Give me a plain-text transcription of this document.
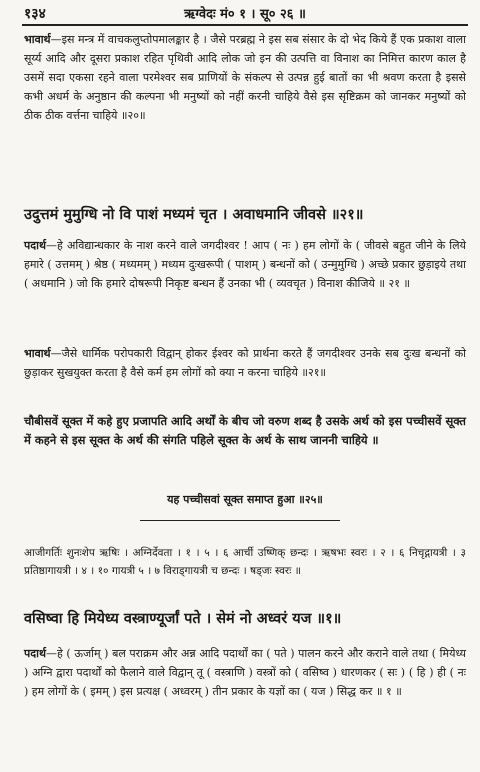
१३४	ऋग्वेदः मं० १ । सू० २६ ॥

भावार्थ—इस मन्त्र में वाचकलुप्तोपमालङ्कार है । जैसे परब्रह्म ने इस सब संसार के दो भेद किये हैं एक प्रकाश वाला सूर्य्य आदि और दूसरा प्रकाश रहित पृथिवी आदि लोक जो इन की उत्पत्ति वा विनाश का निमित्त कारण काल है उसमें सदा एकसा रहने वाला परमेश्वर सब प्राणियों के संकल्प से उत्पन्न हुई बातों का भी श्रवण करता है इससे कभी अधर्म के अनुष्ठान की कल्पना भी मनुष्यों को नहीं करनी चाहिये वैसे इस सृष्टिक्रम को जानकर मनुष्यों को ठीक ठीक वर्त्तना चाहिये ॥२०॥

उदुत्तमं मुमुग्धि नो वि पाशं मध्यमं चृत । अवाधमानि जीवसे ॥२१॥

पदार्थ—हे अविद्यान्धकार के नाश करने वाले जगदीश्वर ! आप ( नः ) हम लोगों के ( जीवसे बहुत जीने के लिये हमारे ( उत्तमम् ) श्रेष्ठ ( मध्यमम् ) मध्यम दुःखरूपी ( पाशम् ) बन्धनों को ( उन्मुमुग्धि ) अच्छे प्रकार छुड़ाइये तथा ( अधमानि ) जो कि हमारे दोषरूपी निकृष्ट बन्धन हैं उनका भी ( व्यवचृत ) विनाश कीजिये ॥ २१ ॥

भावार्थ—जैसे धार्मिक परोपकारी विद्वान् होकर ईश्वर को प्रार्थना करते हैं जगदीश्वर उनके सब दुःख बन्धनों को छुड़ाकर सुखयुक्त करता है वैसे कर्म हम लोगों को क्या न करना चाहिये ॥२१॥

चौबीसवें सूक्त में कहे हुए प्रजापति आदि अर्थों के बीच जो वरुण शब्द है उसके अर्थ को इस पच्चीसवें सूक्त में कहने से इस सूक्त के अर्थ की संगति पहिले सूक्त के अर्थ के साथ जाननी चाहिये ॥

यह पच्चीसवां सूक्त समाप्त हुआ ॥२५॥

आजीगर्तिः शुनःशेप ऋषिः । अग्निर्देवता । १ । ५ । ६ आर्ची उष्णिक् छन्दः । ऋषभः स्वरः । २ । ६ निचृद्गायत्री । ३ प्रतिष्ठागायत्री । ४ । १० गायत्री ५ । ७ विराड्गायत्री च छन्दः । षड्जः स्वरः ॥

वसिष्वा हि मियेध्य वस्त्राण्यूर्जां पते । सेमं नो अध्वरं यज ॥१॥

पदार्थ—हे ( ऊर्जाम् ) बल पराक्रम और अन्न आदि पदार्थों का ( पते ) पालन करने और कराने वाले तथा ( मियेध्य ) अग्नि द्वारा पदार्थों को फैलाने वाले विद्वान् तू ( वस्त्राणि ) वस्त्रों को ( वसिष्व ) धारणकर ( सः ) ( हि ) ही ( नः ) हम लोगों के ( इमम् ) इस प्रत्यक्ष ( अध्वरम् ) तीन प्रकार के यज्ञों का ( यज ) सिद्ध कर ॥ १ ॥
